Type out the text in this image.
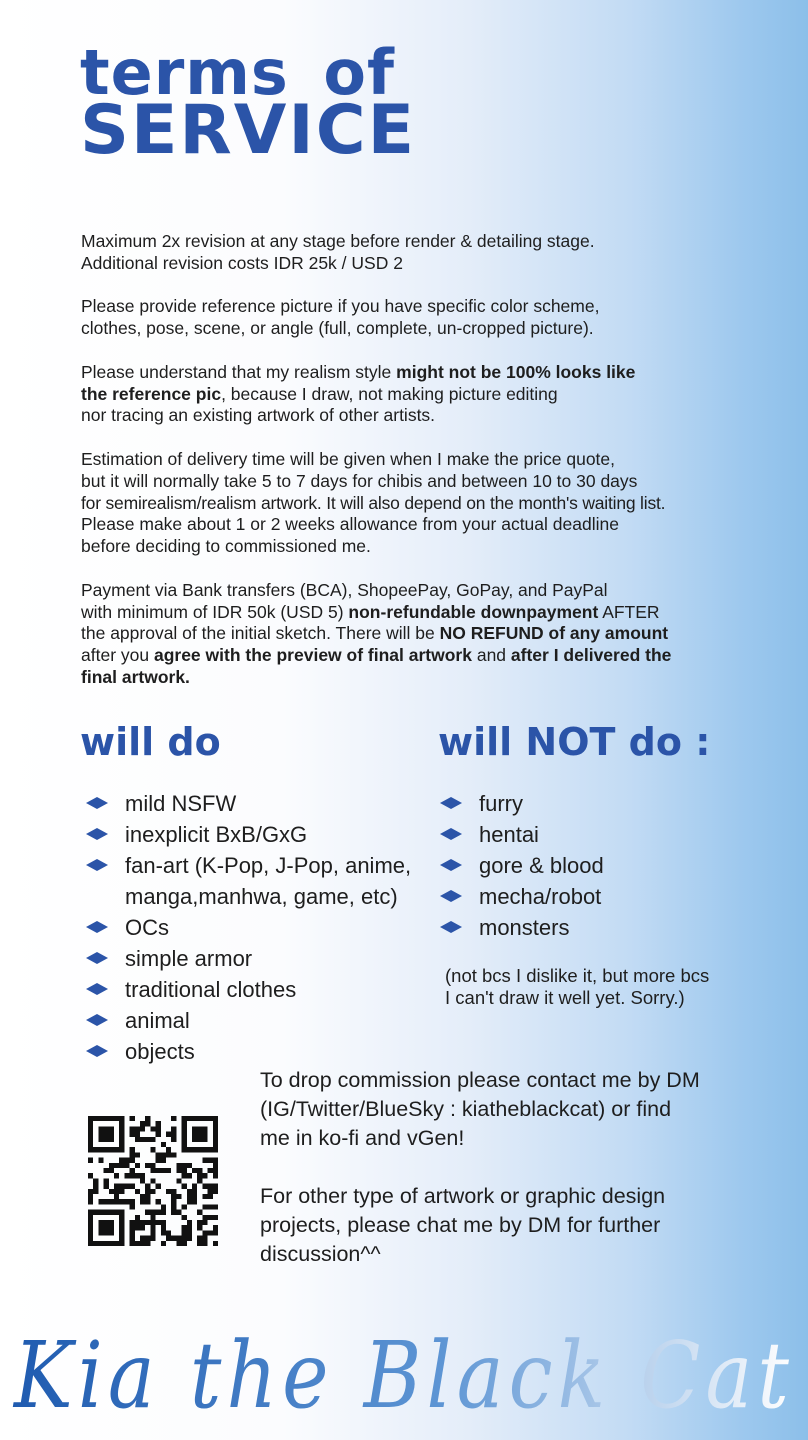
terms of
SERVICE

Maximum 2x revision at any stage before render & detailing stage.
Additional revision costs IDR 25k / USD 2

Please provide reference picture if you have specific color scheme,
clothes, pose, scene, or angle (full, complete, un-cropped picture).

Please understand that my realism style might not be 100% looks like
the reference pic, because I draw, not making picture editing
nor tracing an existing artwork of other artists.

Estimation of delivery time will be given when I make the price quote,
but it will normally take 5 to 7 days for chibis and between 10 to 30 days
for semirealism/realism artwork. It will also depend on the month's waiting list.
Please make about 1 or 2 weeks allowance from your actual deadline
before deciding to commissioned me.

Payment via Bank transfers (BCA), ShopeePay, GoPay, and PayPal
with minimum of IDR 50k (USD 5) non-refundable downpayment AFTER
the approval of the initial sketch. There will be NO REFUND of any amount
after you agree with the preview of final artwork and after I delivered the
final artwork.

will do	will NOT do :
mild NSFW
inexplicit BxB/GxG
fan-art (K-Pop, J-Pop, anime,
manga,manhwa, game, etc)
OCs
simple armor
traditional clothes
animal
objects
furry
hentai
gore & blood
mecha/robot
monsters
(not bcs I dislike it, but more bcs
I can't draw it well yet. Sorry.)

To drop commission please contact me by DM
(IG/Twitter/BlueSky : kiatheblackcat) or find
me in ko-fi and vGen!

For other type of artwork or graphic design
projects, please chat me by DM for further
discussion^^

Kia the Black Cat
